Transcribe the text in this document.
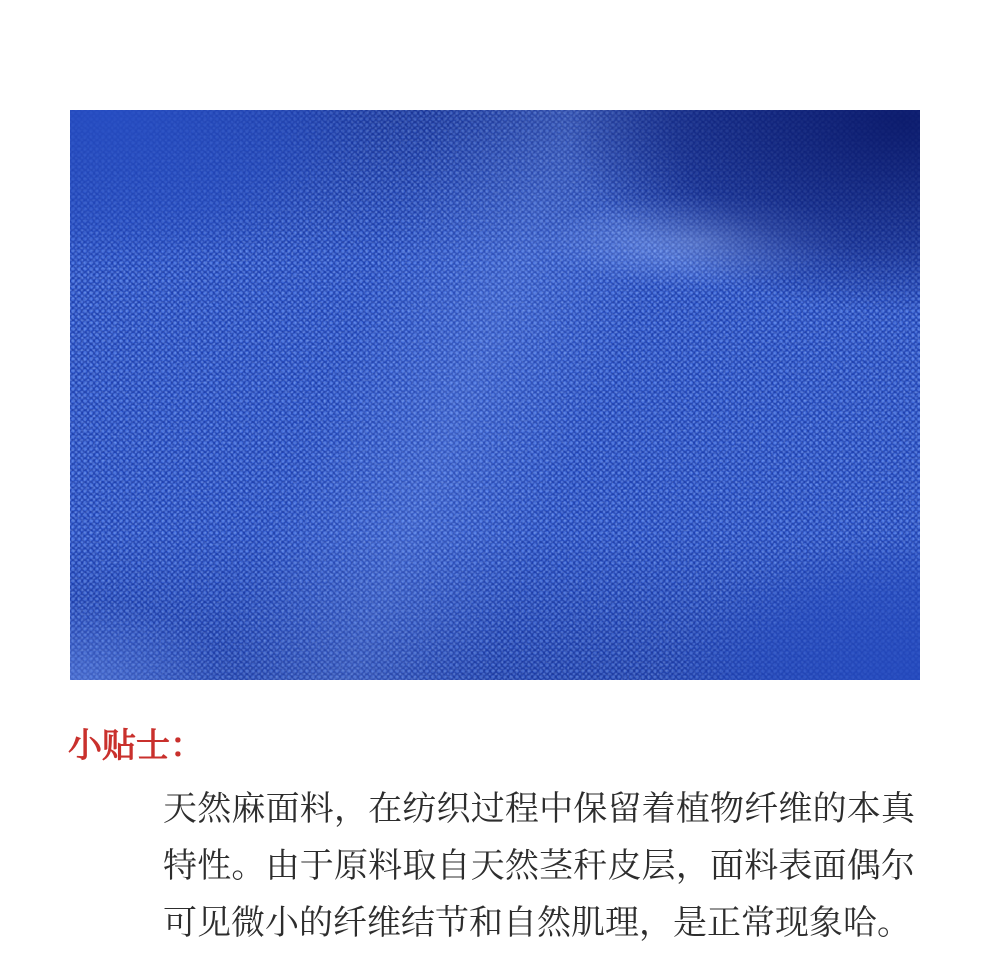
小贴士：

天然麻面料，在纺织过程中保留着植物纤维的本真特性。由于原料取自天然茎秆皮层，面料表面偶尔可见微小的纤维结节和自然肌理，是正常现象哈。
